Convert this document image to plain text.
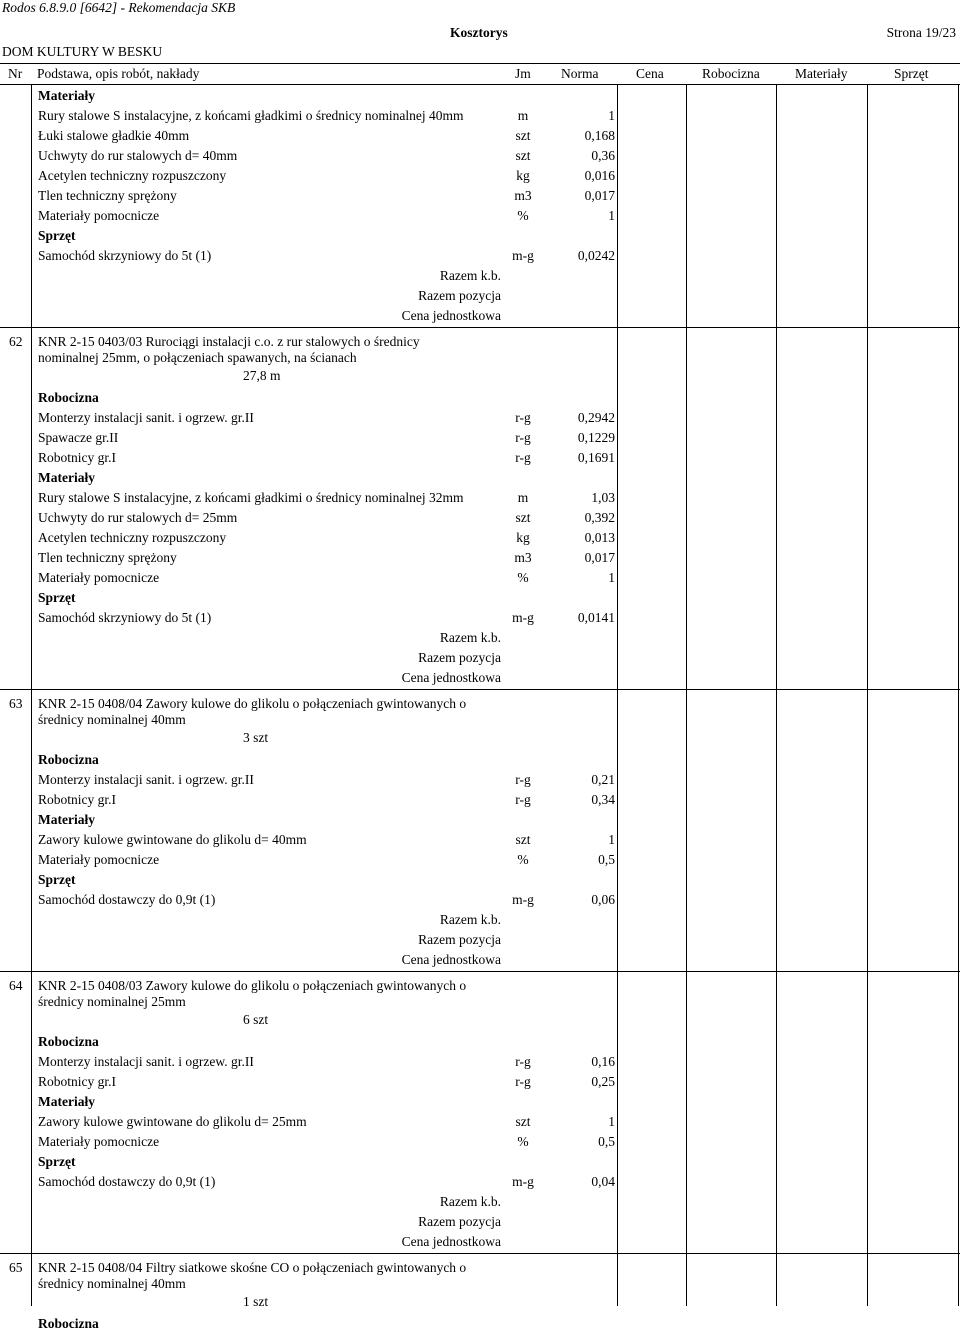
Rodos 6.8.9.0 [6642] - Rekomendacja SKB
Kosztorys	Strona 19/23
DOM KULTURY W BESKU
Nr Podstawa, opis robót, nakłady	Jm Norma	Cena	Robocizna	Materiały	Sprzęt
Materiały
Rury stalowe S instalacyjne, z końcami gładkimi o średnicy nominalnej 40mm	m	1
Łuki stalowe gładkie 40mm	szt	0,168
Uchwyty do rur stalowych d= 40mm	szt	0,36
Acetylen techniczny rozpuszczony	kg	0,016
Tlen techniczny sprężony	m3	0,017
Materiały pomocnicze	%	1
Sprzęt
Samochód skrzyniowy do 5t (1)	m-g	0,0242
Razem k.b.
Razem pozycja
Cena jednostkowa
62 KNR 2-15 0403/03 Rurociągi instalacji c.o. z rur stalowych o średnicy
nominalnej 25mm, o połączeniach spawanych, na ścianach
27,8 m
Robocizna
Monterzy instalacji sanit. i ogrzew. gr.II	r-g	0,2942
Spawacze gr.II	r-g	0,1229
Robotnicy gr.I	r-g	0,1691
Materiały
Rury stalowe S instalacyjne, z końcami gładkimi o średnicy nominalnej 32mm	m	1,03
Uchwyty do rur stalowych d= 25mm	szt	0,392
Acetylen techniczny rozpuszczony	kg	0,013
Tlen techniczny sprężony	m3	0,017
Materiały pomocnicze	%	1
Sprzęt
Samochód skrzyniowy do 5t (1)	m-g	0,0141
Razem k.b.
Razem pozycja
Cena jednostkowa
63 KNR 2-15 0408/04 Zawory kulowe do glikolu o połączeniach gwintowanych o
średnicy nominalnej 40mm
3 szt
Robocizna
Monterzy instalacji sanit. i ogrzew. gr.II	r-g	0,21
Robotnicy gr.I	r-g	0,34
Materiały
Zawory kulowe gwintowane do glikolu d= 40mm	szt	1
Materiały pomocnicze	%	0,5
Sprzęt
Samochód dostawczy do 0,9t (1)	m-g	0,06
Razem k.b.
Razem pozycja
Cena jednostkowa
64 KNR 2-15 0408/03 Zawory kulowe do glikolu o połączeniach gwintowanych o
średnicy nominalnej 25mm
6 szt
Robocizna
Monterzy instalacji sanit. i ogrzew. gr.II	r-g	0,16
Robotnicy gr.I	r-g	0,25
Materiały
Zawory kulowe gwintowane do glikolu d= 25mm	szt	1
Materiały pomocnicze	%	0,5
Sprzęt
Samochód dostawczy do 0,9t (1)	m-g	0,04
Razem k.b.
Razem pozycja
Cena jednostkowa
65 KNR 2-15 0408/04 Filtry siatkowe skośne CO o połączeniach gwintowanych o
średnicy nominalnej 40mm
1 szt
Robocizna
